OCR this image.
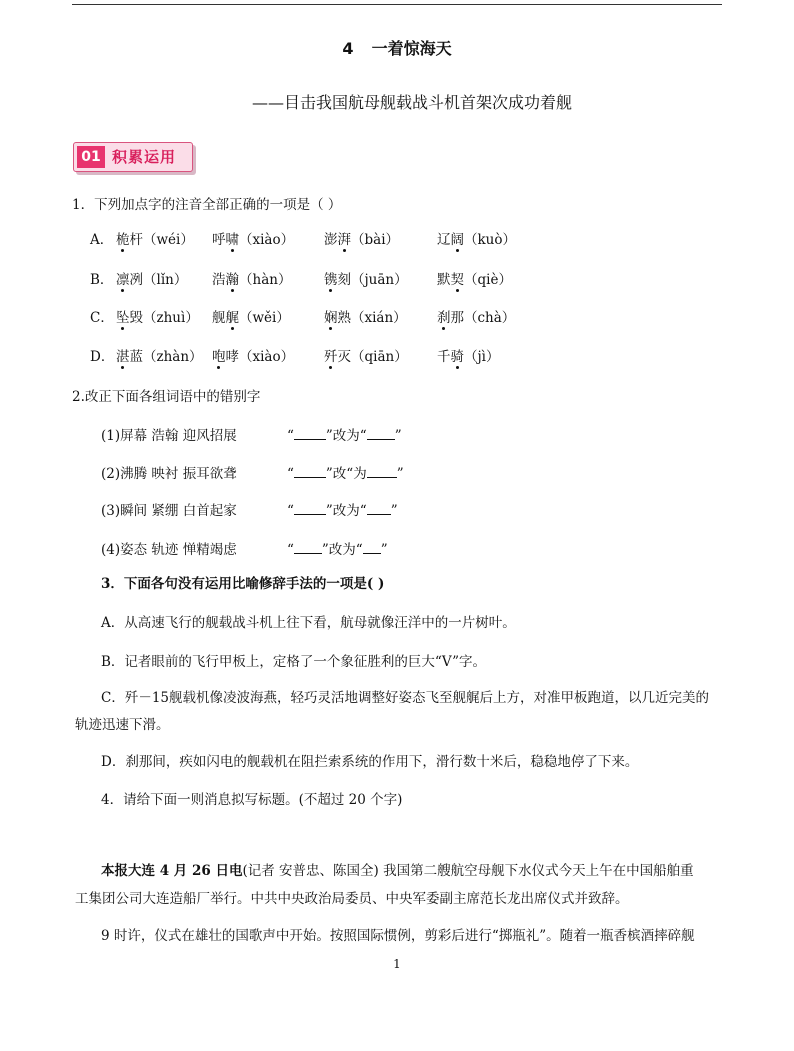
4 一着惊海天
——目击我国航母舰载战斗机首架次成功着舰
01 积累运用
1．下列加点字的注音全部正确的一项是（ ）
A． 桅杆（wéi） 呼啸（xiào） 澎湃（bài）	辽阔（kuò）
B． 凛冽（lǐn） 浩瀚（hàn） 镌刻（juān） 默契（qiè）
C． 坠毁（zhuì） 舰艉（wěi）	娴熟（xián） 刹那（chà）
D． 湛蓝（zhàn） 咆哮（xiào） 歼灭（qiān） 千骑（jì）
2.改正下面各组词语中的错别字
(1)屏幕 浩翰 迎风招展	“ ”改为“ ”
(2)沸腾 映衬 振耳欲聋	“ ”改“为 ”
(3)瞬间 紧绷 白首起家	“ ”改为“ ”
(4)姿态 轨迹 惮精竭虑	“ ”改为“ ”
3．下面各句没有运用比喻修辞手法的一项是( )
A．从高速飞行的舰载战斗机上往下看，航母就像汪洋中的一片树叶。
B．记者眼前的飞行甲板上，定格了一个象征胜利的巨大“V”字。
C．歼－15舰载机像凌波海燕，轻巧灵活地调整好姿态飞至舰艉后上方，对准甲板跑道，以几近完美的
轨迹迅速下滑。
D．刹那间，疾如闪电的舰载机在阻拦索系统的作用下，滑行数十米后，稳稳地停了下来。
4．请给下面一则消息拟写标题。(不超过 20 个字)
本报大连 4 月 26 日电(记者 安普忠、陈国全) 我国第二艘航空母舰下水仪式今天上午在中国船舶重
工集团公司大连造船厂举行。中共中央政治局委员、中央军委副主席范长龙出席仪式并致辞。
9 时许，仪式在雄壮的国歌声中开始。按照国际惯例，剪彩后进行“掷瓶礼”。随着一瓶香槟酒摔碎舰
1
